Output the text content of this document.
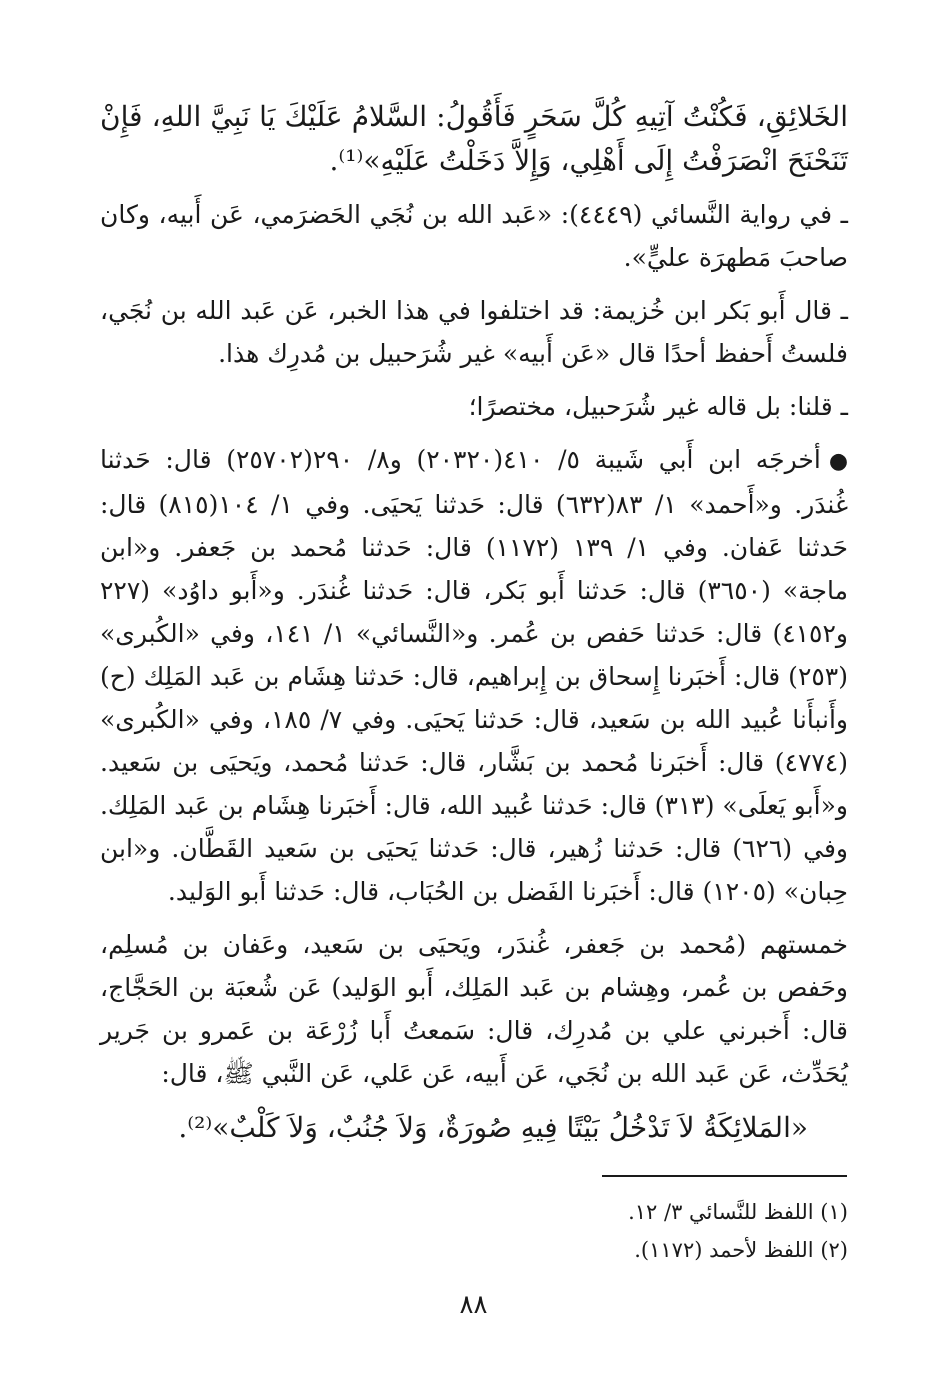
الخَلائِقِ، فَكُنْتُ آتِيهِ كُلَّ سَحَرٍ فَأَقُولُ: السَّلامُ عَلَيْكَ يَا نَبِيَّ اللهِ، فَإِنْ تَنَحْنَحَ انْصَرَفْتُ إِلَى أَهْلِي، وَإِلاَّ دَخَلْتُ عَلَيْهِ»⁽¹⁾.

ـ في رواية النَّسائي (٤٤٤٩): «عَبد الله بن نُجَي الحَضرَمي، عَن أَبيه، وكان صاحبَ مَطهرَة عليٍّ».

ـ قال أَبو بَكر ابن خُزيمة: قد اختلفوا في هذا الخبر، عَن عَبد الله بن نُجَي، فلستُ أَحفظ أحدًا قال «عَن أَبيه» غير شُرَحبيل بن مُدرِك هذا.

ـ قلنا: بل قاله غير شُرَحبيل، مختصرًا؛

●أخرجَه ابن أَبي شَيبة ٥/ ٤١٠(٢٠٣٢٠) و٨/ ٢٩٠(٢٥٧٠٢) قال: حَدثنا غُندَر. و«أَحمد» ١/ ٨٣(٦٣٢) قال: حَدثنا يَحيَى. وفي ١/ ١٠٤(٨١٥) قال: حَدثنا عَفان. وفي ١/ ١٣٩ (١١٧٢) قال: حَدثنا مُحمد بن جَعفر. و«ابن ماجة» (٣٦٥٠) قال: حَدثنا أَبو بَكر، قال: حَدثنا غُندَر. و«أَبو داوُد» (٢٢٧ و٤١٥٢) قال: حَدثنا حَفص بن عُمر. و«النَّسائي» ١/ ١٤١، وفي «الكُبرى» (٢٥٣) قال: أَخبَرنا إِسحاق بن إِبراهيم، قال: حَدثنا هِشَام بن عَبد المَلِك (ح) وأَنبأَنا عُبيد الله بن سَعيد، قال: حَدثنا يَحيَى. وفي ٧/ ١٨٥، وفي «الكُبرى» (٤٧٧٤) قال: أَخبَرنا مُحمد بن بَشَّار، قال: حَدثنا مُحمد، ويَحيَى بن سَعيد. و«أَبو يَعلَى» (٣١٣) قال: حَدثنا عُبيد الله، قال: أَخبَرنا هِشَام بن عَبد المَلِك. وفي (٦٢٦) قال: حَدثنا زُهير، قال: حَدثنا يَحيَى بن سَعيد القَطَّان. و«ابن حِبان» (١٢٠٥) قال: أَخبَرنا الفَضل بن الحُبَاب، قال: حَدثنا أَبو الوَليد.

خمستهم (مُحمد بن جَعفر، غُندَر، ويَحيَى بن سَعيد، وعَفان بن مُسلِم، وحَفص بن عُمر، وهِشام بن عَبد المَلِك، أَبو الوَليد) عَن شُعبَة بن الحَجَّاج، قال: أَخبرني علي بن مُدرِك، قال: سَمعتُ أَبا زُرْعَة بن عَمرو بن جَرير يُحَدِّث، عَن عَبد الله بن نُجَي، عَن أَبيه، عَن عَلي، عَن النَّبي ﷺ، قال:

«المَلائِكَةُ لاَ تَدْخُلُ بَيْتًا فِيهِ صُورَةٌ، وَلاَ جُنُبٌ، وَلاَ كَلْبٌ»⁽²⁾.

(١) اللفظ للنَّسائي ٣/ ١٢.

(٢) اللفظ لأحمد (١١٧٢).

٨٨
